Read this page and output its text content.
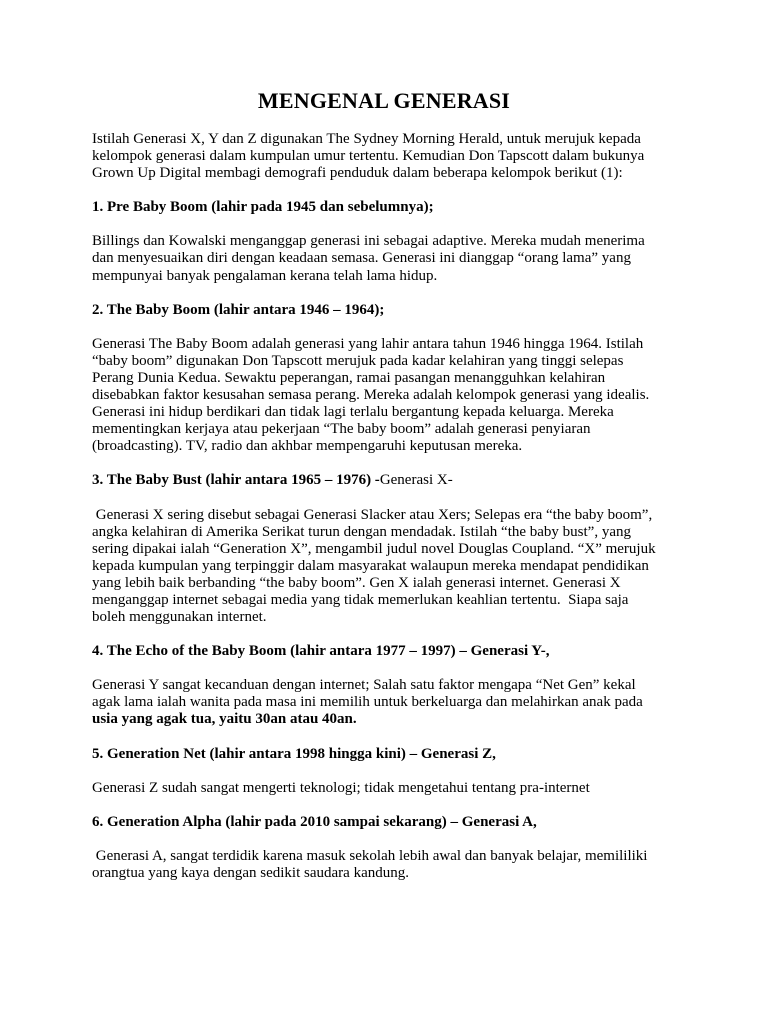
MENGENAL GENERASI

Istilah Generasi X, Y dan Z digunakan The Sydney Morning Herald, untuk merujuk kepada

kelompok generasi dalam kumpulan umur tertentu. Kemudian Don Tapscott dalam bukunya

Grown Up Digital membagi demografi penduduk dalam beberapa kelompok berikut (1):

1. Pre Baby Boom (lahir pada 1945 dan sebelumnya);

Billings dan Kowalski menganggap generasi ini sebagai adaptive. Mereka mudah menerima

dan menyesuaikan diri dengan keadaan semasa. Generasi ini dianggap “orang lama” yang

mempunyai banyak pengalaman kerana telah lama hidup.

2. The Baby Boom (lahir antara 1946 – 1964);

Generasi The Baby Boom adalah generasi yang lahir antara tahun 1946 hingga 1964. Istilah

“baby boom” digunakan Don Tapscott merujuk pada kadar kelahiran yang tinggi selepas

Perang Dunia Kedua. Sewaktu peperangan, ramai pasangan menangguhkan kelahiran

disebabkan faktor kesusahan semasa perang. Mereka adalah kelompok generasi yang idealis.

Generasi ini hidup berdikari dan tidak lagi terlalu bergantung kepada keluarga. Mereka

mementingkan kerjaya atau pekerjaan “The baby boom” adalah generasi penyiaran

(broadcasting). TV, radio dan akhbar mempengaruhi keputusan mereka.

3. The Baby Bust (lahir antara 1965 – 1976) -Generasi X-

Generasi X sering disebut sebagai Generasi Slacker atau Xers; Selepas era “the baby boom”,

angka kelahiran di Amerika Serikat turun dengan mendadak. Istilah “the baby bust”, yang

sering dipakai ialah “Generation X”, mengambil judul novel Douglas Coupland. “X” merujuk

kepada kumpulan yang terpinggir dalam masyarakat walaupun mereka mendapat pendidikan

yang lebih baik berbanding “the baby boom”. Gen X ialah generasi internet. Generasi X

menganggap internet sebagai media yang tidak memerlukan keahlian tertentu.  Siapa saja

boleh menggunakan internet.

4. The Echo of the Baby Boom (lahir antara 1977 – 1997) – Generasi Y-,

Generasi Y sangat kecanduan dengan internet; Salah satu faktor mengapa “Net Gen” kekal

agak lama ialah wanita pada masa ini memilih untuk berkeluarga dan melahirkan anak pada

usia yang agak tua, yaitu 30an atau 40an.

5. Generation Net (lahir antara 1998 hingga kini) – Generasi Z,

Generasi Z sudah sangat mengerti teknologi; tidak mengetahui tentang pra-internet

6. Generation Alpha (lahir pada 2010 sampai sekarang) – Generasi A,

Generasi A, sangat terdidik karena masuk sekolah lebih awal dan banyak belajar, memililiki

orangtua yang kaya dengan sedikit saudara kandung.
